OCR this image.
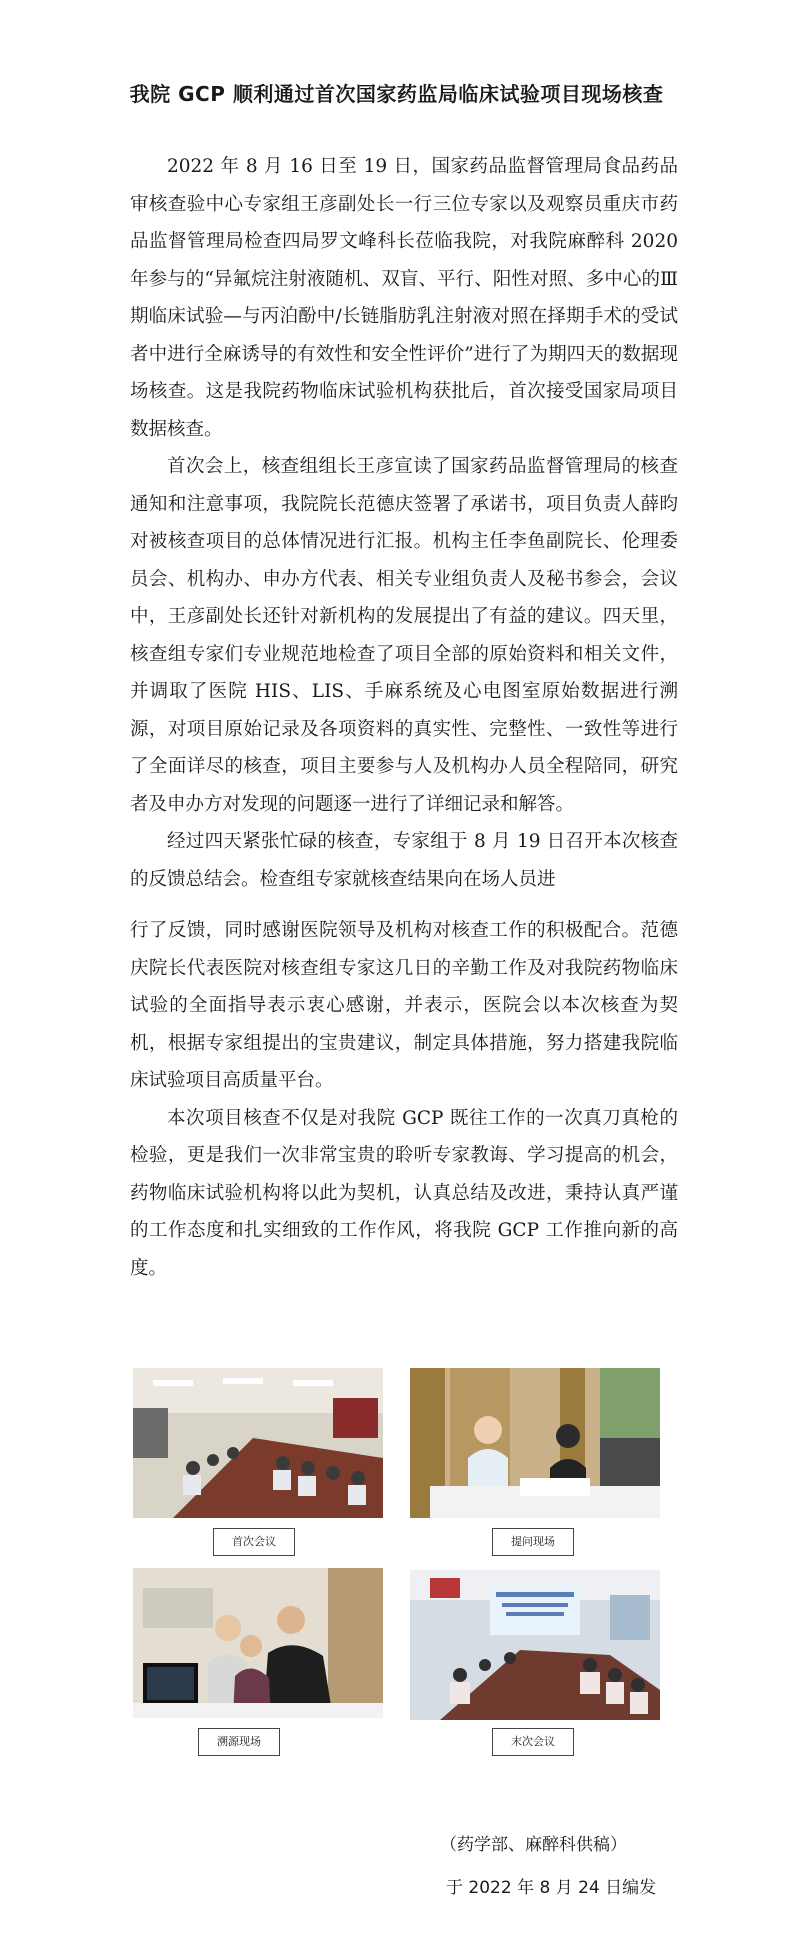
我院 GCP 顺利通过首次国家药监局临床试验项目现场核查

2022 年 8 月 16 日至 19 日，国家药品监督管理局食品药品审核查验中心专家组王彦副处长一行三位专家以及观察员重庆市药品监督管理局检查四局罗文峰科长莅临我院，对我院麻醉科 2020 年参与的“异氟烷注射液随机、双盲、平行、阳性对照、多中心的Ⅲ期临床试验—与丙泊酚中/长链脂肪乳注射液对照在择期手术的受试者中进行全麻诱导的有效性和安全性评价”进行了为期四天的数据现场核查。这是我院药物临床试验机构获批后，首次接受国家局项目数据核查。

首次会上，核查组组长王彦宣读了国家药品监督管理局的核查通知和注意事项，我院院长范德庆签署了承诺书，项目负责人薛昀对被核查项目的总体情况进行汇报。机构主任李鱼副院长、伦理委员会、机构办、申办方代表、相关专业组负责人及秘书参会，会议中，王彦副处长还针对新机构的发展提出了有益的建议。四天里，核查组专家们专业规范地检查了项目全部的原始资料和相关文件，并调取了医院 HIS、LIS、手麻系统及心电图室原始数据进行溯源，对项目原始记录及各项资料的真实性、完整性、一致性等进行了全面详尽的核查，项目主要参与人及机构办人员全程陪同，研究者及申办方对发现的问题逐一进行了详细记录和解答。

经过四天紧张忙碌的核查，专家组于 8 月 19 日召开本次核查的反馈总结会。检查组专家就核查结果向在场人员进

行了反馈，同时感谢医院领导及机构对核查工作的积极配合。范德庆院长代表医院对核查组专家这几日的辛勤工作及对我院药物临床试验的全面指导表示衷心感谢，并表示，医院会以本次核查为契机，根据专家组提出的宝贵建议，制定具体措施，努力搭建我院临床试验项目高质量平台。

本次项目核查不仅是对我院 GCP 既往工作的一次真刀真枪的检验，更是我们一次非常宝贵的聆听专家教诲、学习提高的机会，药物临床试验机构将以此为契机，认真总结及改进，秉持认真严谨的工作态度和扎实细致的工作作风，将我院 GCP 工作推向新的高度。

首次会议	提问现场
溯源现场	末次会议
（药学部、麻醉科供稿）
于 2022 年 8 月 24 日编发
